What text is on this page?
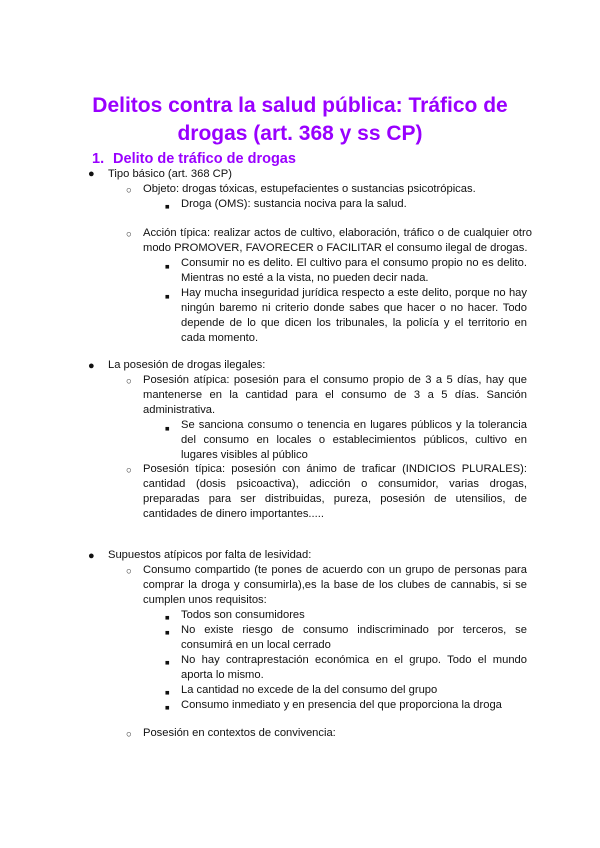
Delitos contra la salud pública: Tráfico de drogas (art. 368 y ss CP)
1. Delito de tráfico de drogas
● Tipo básico (art. 368 CP)
○ Objeto: drogas tóxicas, estupefacientes o sustancias psicotrópicas.
■ Droga (OMS): sustancia nociva para la salud.
○ Acción típica: realizar actos de cultivo, elaboración, tráfico o de cualquier otro modo PROMOVER, FAVORECER o FACILITAR el consumo ilegal de drogas.
■ Consumir no es delito. El cultivo para el consumo propio no es delito. Mientras no esté a la vista, no pueden decir nada.
■ Hay mucha inseguridad jurídica respecto a este delito, porque no hay ningún baremo ni criterio donde sabes que hacer o no hacer. Todo depende de lo que dicen los tribunales, la policía y el territorio en cada momento.
● La posesión de drogas ilegales:
○ Posesión atípica: posesión para el consumo propio de 3 a 5 días, hay que mantenerse en la cantidad para el consumo de 3 a 5 días. Sanción administrativa.
■ Se sanciona consumo o tenencia en lugares públicos y la tolerancia del consumo en locales o establecimientos públicos, cultivo en lugares visibles al público
○ Posesión típica: posesión con ánimo de traficar (INDICIOS PLURALES): cantidad (dosis psicoactiva), adicción o consumidor, varias drogas, preparadas para ser distribuidas, pureza, posesión de utensilios, de cantidades de dinero importantes.....
● Supuestos atípicos por falta de lesividad:
○ Consumo compartido (te pones de acuerdo con un grupo de personas para comprar la droga y consumirla),es la base de los clubes de cannabis, si se cumplen unos requisitos:
■ Todos son consumidores
■ No existe riesgo de consumo indiscriminado por terceros, se consumirá en un local cerrado
■ No hay contraprestación económica en el grupo. Todo el mundo aporta lo mismo.
■ La cantidad no excede de la del consumo del grupo
■ Consumo inmediato y en presencia del que proporciona la droga
○ Posesión en contextos de convivencia:
